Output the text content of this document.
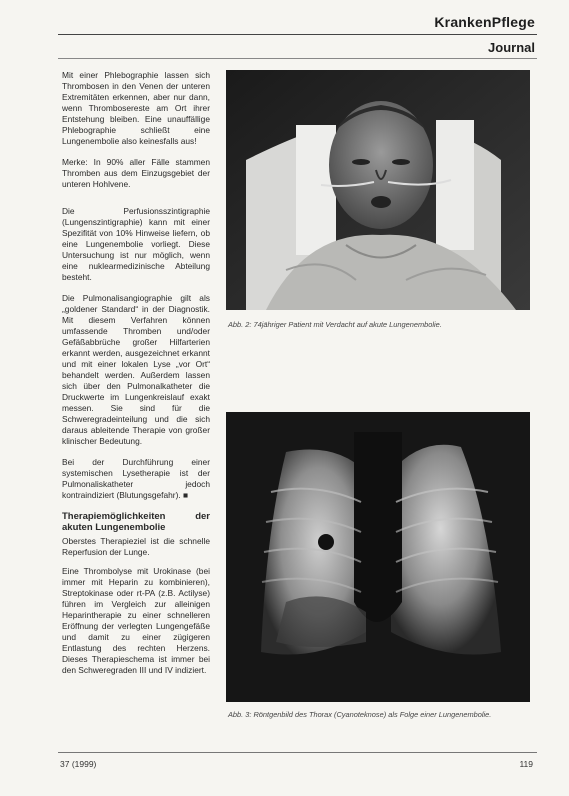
KrankenPflege
Journal

Mit einer Phlebographie lassen sich Thrombosen in den Venen der unteren Extremitäten erkennen, aber nur dann, wenn Thrombosereste am Ort ihrer Entstehung bleiben. Eine unauffällige Phlebographie schließt eine Lungenembolie also keinesfalls aus!

Merke: In 90% aller Fälle stammen Thromben aus dem Einzugsgebiet der unteren Hohlvene.

Die Perfusionsszintigraphie (Lungenszintigraphie) kann mit einer Spezifität von 10% Hinweise liefern, ob eine Lungenembolie vorliegt. Diese Untersuchung ist nur möglich, wenn eine nuklearmedizinische Abteilung besteht.

Die Pulmonalisangiographie gilt als „goldener Standard“ in der Diagnostik. Mit diesem Verfahren können umfassende Thromben und/oder Gefäßabbrüche großer Hilfarterien erkannt werden, ausgezeichnet erkannt und mit einer lokalen Lyse „vor Ort“ behandelt werden. Außerdem lassen sich über den Pulmonalkatheter die Druckwerte im Lungenkreislauf exakt messen. Sie sind für die Schweregradeinteilung und die sich daraus ableitende Therapie von großer klinischer Bedeutung.

Bei der Durchführung einer systemischen Lysetherapie ist der Pulmonaliskatheter jedoch kontraindiziert (Blutungsgefahr). ■

Therapiemöglichkeiten der akuten Lungenembolie

Oberstes Therapieziel ist die schnelle Reperfusion der Lunge.

Eine Thrombolyse mit Urokinase (bei immer mit Heparin zu kombinieren), Streptokinase oder rt-PA (z.B. Actilyse) führen im Vergleich zur alleinigen Heparintherapie zu einer schnelleren Eröffnung der verlegten Lungengefäße und damit zu einer zügigeren Entlastung des rechten Herzens. Dieses Therapieschema ist immer bei den Schweregraden III und IV indiziert.

Abb. 2: 74jähriger Patient mit Verdacht auf akute Lungenembolie.
Abb. 3: Röntgenbild des Thorax (Cyanoteknose) als Folge einer Lungenembolie.
37 (1999)	119
